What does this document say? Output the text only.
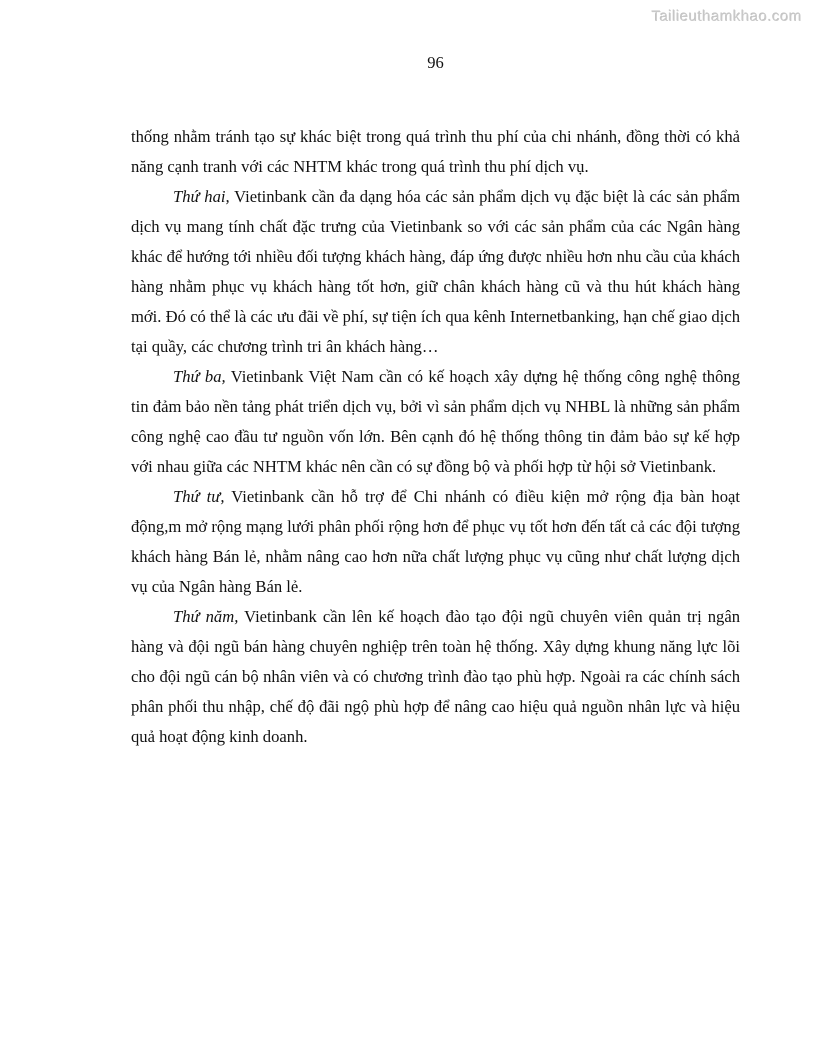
Tailieuthamkhao.com
96

thống nhằm tránh tạo sự khác biệt trong quá trình thu phí của chi nhánh, đồng thời có khả năng cạnh tranh với các NHTM khác trong quá trình thu phí dịch vụ.

Thứ hai, Vietinbank cần đa dạng hóa các sản phẩm dịch vụ đặc biệt là các sản phẩm dịch vụ mang tính chất đặc trưng của Vietinbank so với các sản phẩm của các Ngân hàng khác để hướng tới nhiều đối tượng khách hàng, đáp ứng được nhiều hơn nhu cầu của khách hàng nhằm phục vụ khách hàng tốt hơn, giữ chân khách hàng cũ và thu hút khách hàng mới. Đó có thể là các ưu đãi về phí, sự tiện ích qua kênh Internetbanking, hạn chế giao dịch tại quầy, các chương trình tri ân khách hàng…

Thứ ba, Vietinbank Việt Nam cần có kế hoạch xây dựng hệ thống công nghệ thông tin đảm bảo nền tảng phát triển dịch vụ, bởi vì sản phẩm dịch vụ NHBL là những sản phẩm công nghệ cao đầu tư nguồn vốn lớn. Bên cạnh đó hệ thống thông tin đảm bảo sự kế hợp với nhau giữa các NHTM khác nên cần có sự đồng bộ và phối hợp từ hội sở Vietinbank.

Thứ tư, Vietinbank cần hỗ trợ để Chi nhánh có điều kiện mở rộng địa bàn hoạt động,m mở rộng mạng lưới phân phối rộng hơn để phục vụ tốt hơn đến tất cả các đội tượng khách hàng Bán lẻ, nhằm nâng cao hơn nữa chất lượng phục vụ cũng như chất lượng dịch vụ của Ngân hàng Bán lẻ.

Thứ năm, Vietinbank cần lên kế hoạch đào tạo đội ngũ chuyên viên quản trị ngân hàng và đội ngũ bán hàng chuyên nghiệp trên toàn hệ thống. Xây dựng khung năng lực lõi cho đội ngũ cán bộ nhân viên và có chương trình đào tạo phù hợp. Ngoài ra các chính sách phân phối thu nhập, chế độ đãi ngộ phù hợp để nâng cao hiệu quả nguồn nhân lực và hiệu quả hoạt động kinh doanh.
